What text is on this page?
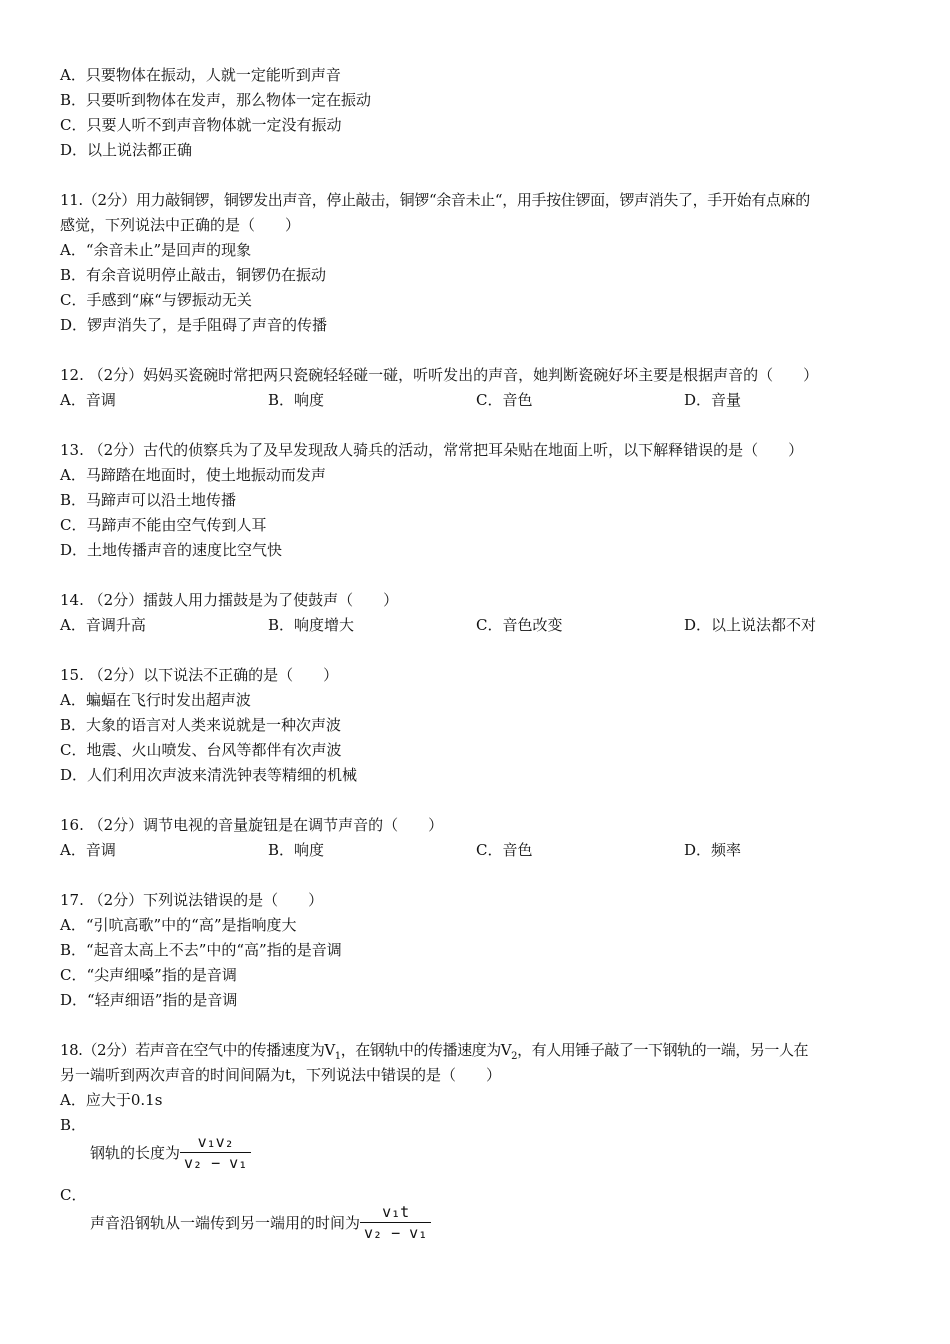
A．只要物体在振动，人就一定能听到声音
B．只要听到物体在发声，那么物体一定在振动
C．只要人听不到声音物体就一定没有振动
D．以上说法都正确
11.（2分）用力敲铜锣，铜锣发出声音，停止敲击，铜锣“余音未止“，用手按住锣面，锣声消失了，手开始有点麻的
感觉，下列说法中正确的是（　　）
A．“余音未止”是回声的现象
B．有余音说明停止敲击，铜锣仍在振动
C．手感到“麻“与锣振动无关
D．锣声消失了，是手阻碍了声音的传播
12. （2分）妈妈买瓷碗时常把两只瓷碗轻轻碰一碰，听听发出的声音，她判断瓷碗好坏主要是根据声音的（　　）
A．音调	B．响度	C．音色	D．音量
13. （2分）古代的侦察兵为了及早发现敌人骑兵的活动，常常把耳朵贴在地面上听，以下解释错误的是（　　）
A．马蹄踏在地面时，使土地振动而发声
B．马蹄声可以沿土地传播
C．马蹄声不能由空气传到人耳
D．土地传播声音的速度比空气快
14. （2分）擂鼓人用力擂鼓是为了使鼓声（　　）
A．音调升高	B．响度增大	C．音色改变	D．以上说法都不对
15. （2分）以下说法不正确的是（　　）
A．蝙蝠在飞行时发出超声波
B．大象的语言对人类来说就是一种次声波
C．地震、火山喷发、台风等都伴有次声波
D．人们利用次声波来清洗钟表等精细的机械
16. （2分）调节电视的音量旋钮是在调节声音的（　　）
A．音调	B．响度	C．音色	D．频率
17. （2分）下列说法错误的是（　　）
A．“引吭高歌”中的“高”是指响度大
B．“起音太高上不去”中的“高”指的是音调
C．“尖声细嗓”指的是音调
D．“轻声细语”指的是音调
18.（2分）若声音在空气中的传播速度为$V_1$，在钢轨中的传播速度为$V_2$，有人用锤子敲了一下钢轨的一端，另一人在
另一端听到两次声音的时间间隔为t，下列说法中错误的是（　　）
A．应大于0.1s
B．
钢轨的长度为 $\frac{\text{v₁v₂}}{\text{v₂ − v₁}}$
C．
声音沿钢轨从一端传到另一端用的时间为 $\frac{\text{v₁t}}{\text{v₂ − v₁}}$
